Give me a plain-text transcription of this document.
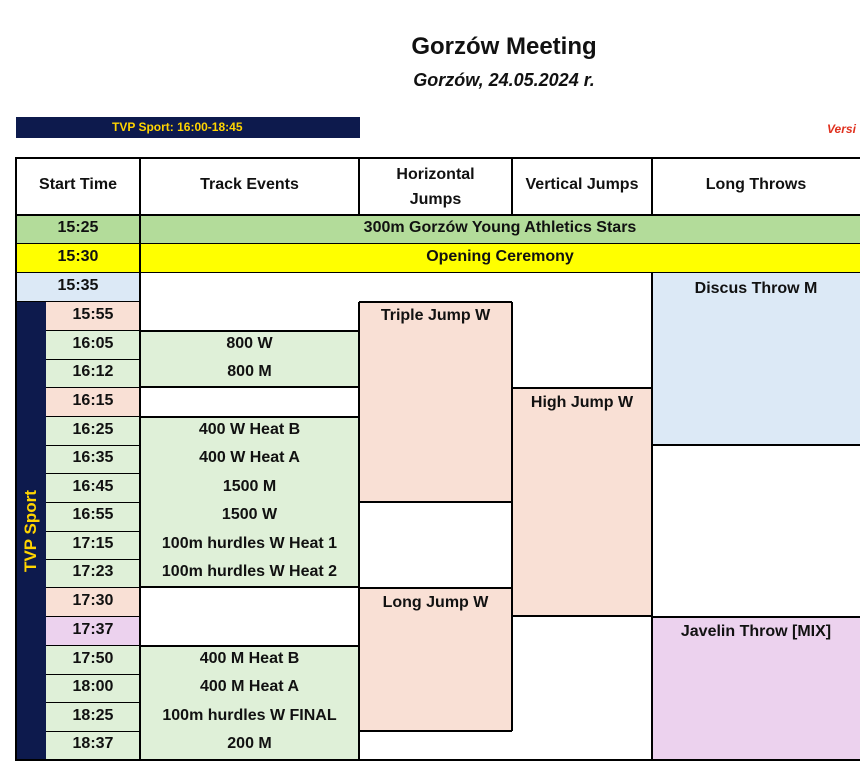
Gorzów Meeting
Gorzów, 24.05.2024 r.
Versi
TVP Sport: 16:00-18:45
Start Time	Track Events
Horizontal Jumps
Vertical Jumps	Long Throws
300m Gorzów Young Athletics Stars
Opening Ceremony
15:25
15:30
15:35
15:55
16:05
16:12
16:15
16:25
16:35
16:45
16:55
17:15
17:23
17:30
17:37
17:50
18:00
18:25
18:37
800 W
800 M
400 W Heat B
400 W Heat A
1500 M
1500 W
100m hurdles W Heat 1
100m hurdles W Heat 2
400 M Heat B
400 M Heat A
100m hurdles W FINAL
200 M
Triple Jump W
Long Jump W
High Jump W
Discus Throw M
Javelin Throw [MIX]
TVP Sport
